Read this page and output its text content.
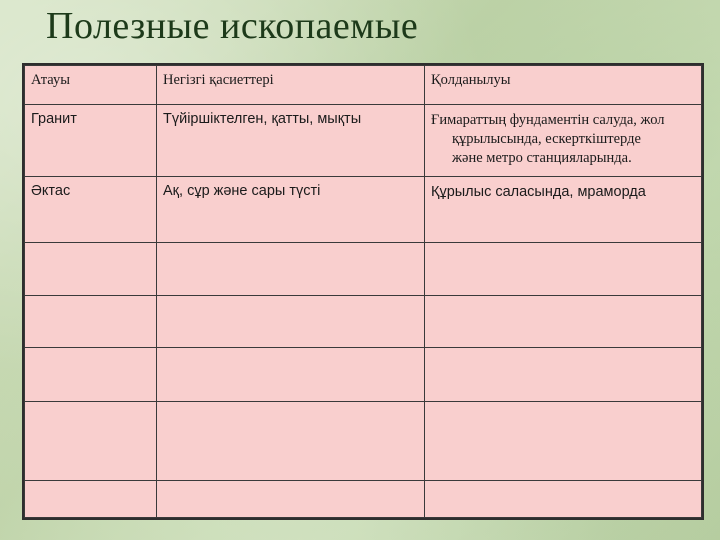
Полезные ископаемые
Атауы	Негізгі қасиеттері	Қолданылуы
Гранит	Түйіршіктелген, қатты, мықты	Ғимараттың фундаментін салуда, жол
құрылысында, ескерткіштерде
және метро станцияларында.

Әктас	Ақ, сұр және сары түсті	Құрылыс саласында, мраморда
